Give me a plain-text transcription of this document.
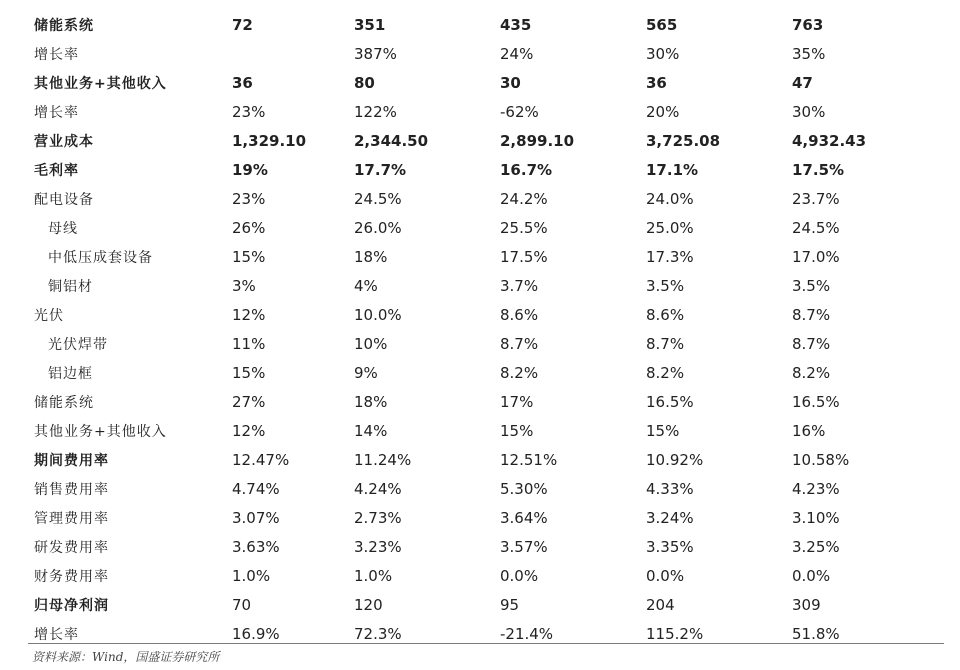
储能系统	72	351	435	565	763
增长率		387%	24%	30%	35%
其他业务+其他收入	36	80	30	36	47
增长率	23%	122%	-62%	20%	30%
营业成本	1,329.10	2,344.50	2,899.10	3,725.08	4,932.43
毛利率	19%	17.7%	16.7%	17.1%	17.5%
配电设备	23%	24.5%	24.2%	24.0%	23.7%
母线	26%	26.0%	25.5%	25.0%	24.5%
中低压成套设备	15%	18%	17.5%	17.3%	17.0%
铜铝材	3%	4%	3.7%	3.5%	3.5%
光伏	12%	10.0%	8.6%	8.6%	8.7%
光伏焊带	11%	10%	8.7%	8.7%	8.7%
铝边框	15%	9%	8.2%	8.2%	8.2%
储能系统	27%	18%	17%	16.5%	16.5%
其他业务+其他收入	12%	14%	15%	15%	16%
期间费用率	12.47%	11.24%	12.51%	10.92%	10.58%
销售费用率	4.74%	4.24%	5.30%	4.33%	4.23%
管理费用率	3.07%	2.73%	3.64%	3.24%	3.10%
研发费用率	3.63%	3.23%	3.57%	3.35%	3.25%
财务费用率	1.0%	1.0%	0.0%	0.0%	0.0%
归母净利润	70	120	95	204	309
增长率	16.9%	72.3%	-21.4%	115.2%	51.8%
资料来源：Wind，国盛证券研究所
